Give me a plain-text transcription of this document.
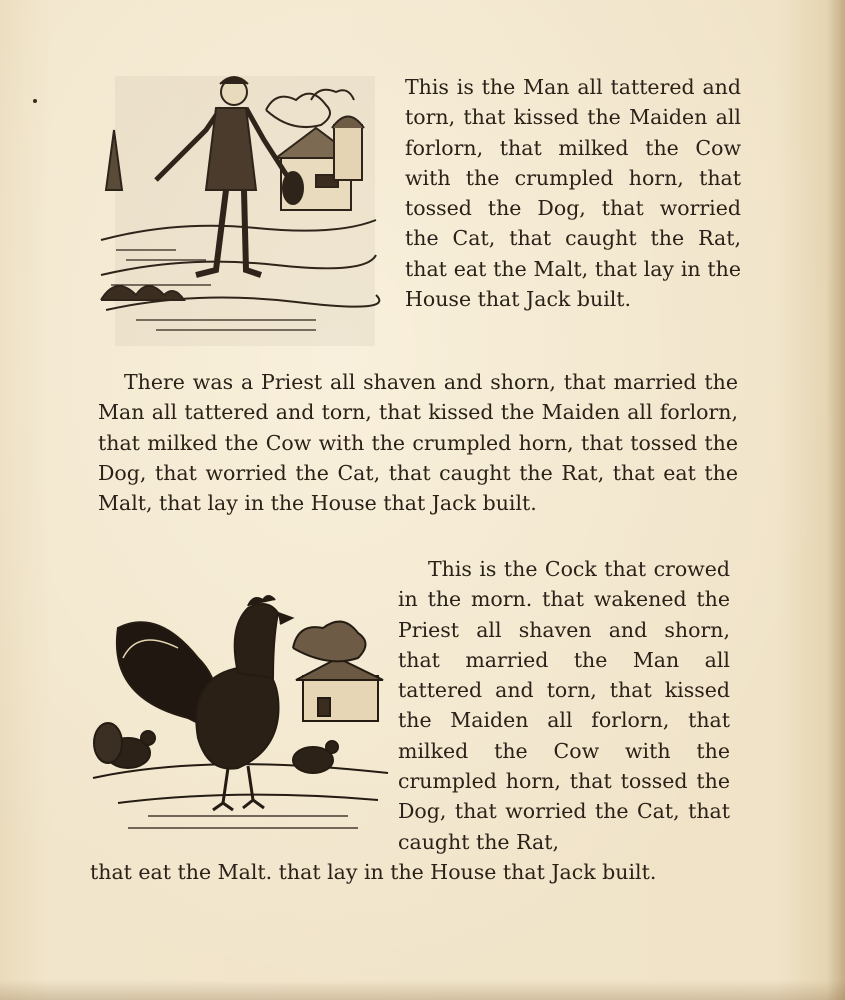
This is the Man all tattered and torn, that kissed the Maiden all forlorn, that milked the Cow with the crumpled horn, that tossed the Dog, that worried the Cat, that caught the Rat, that eat the Malt, that lay in the House that Jack built.

There was a Priest all shaven and shorn, that married the Man all tattered and torn, that kissed the Maiden all forlorn, that milked the Cow with the crumpled horn, that tossed the Dog, that worried the Cat, that caught the Rat, that eat the Malt, that lay in the House that Jack built.

This is the Cock that crowed in the morn. that wakened the Priest all shaven and shorn, that married the Man all tattered and torn, that kissed the Maiden all forlorn, that milked the Cow with the crumpled horn, that tossed the Dog, that worried the Cat, that caught the Rat,

that eat the Malt. that lay in the House that Jack built.
